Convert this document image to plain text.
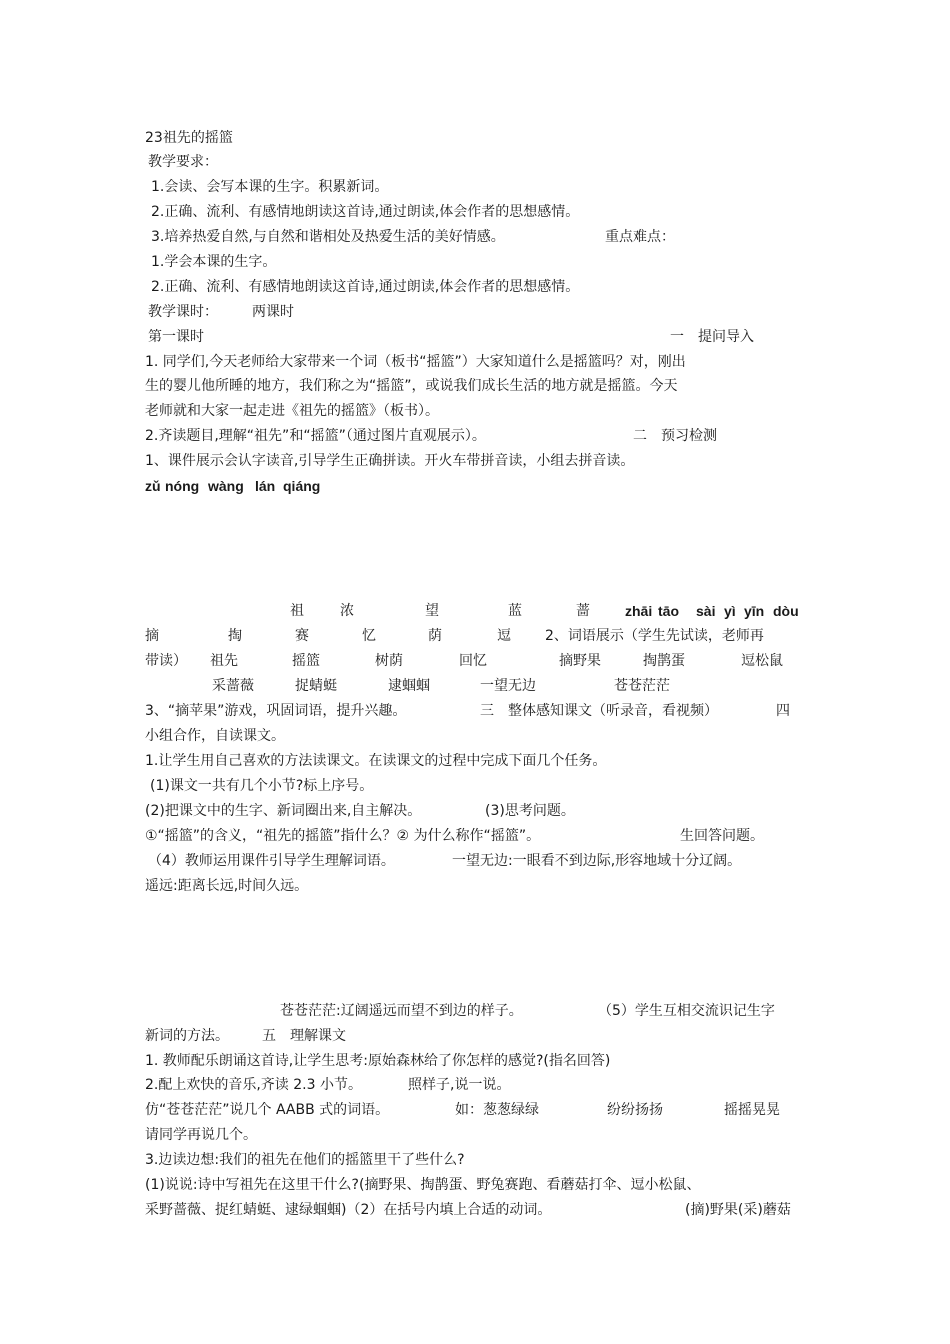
23祖先的摇篮
教学要求：
1.会读、会写本课的生字。积累新词。
2.正确、流利、有感情地朗读这首诗,通过朗读,体会作者的思想感情。
3.培养热爱自然,与自然和谐相处及热爱生活的美好情感。	重点难点：
1.学会本课的生字。
2.正确、流利、有感情地朗读这首诗,通过朗读,体会作者的思想感情。
教学课时： 两课时
第一课时	一　提问导入
1. 同学们,今天老师给大家带来一个词（板书“摇篮”）大家知道什么是摇篮吗？对，刚出
生的婴儿他所睡的地方，我们称之为“摇篮”，或说我们成长生活的地方就是摇篮。今天
老师就和大家一起走进《祖先的摇篮》（板书）。
2.齐读题目,理解“祖先”和“摇篮”（通过图片直观展示）。	二　预习检测
1、课件展示会认字读音,引导学生正确拼读。开火车带拼音读，小组去拼音读。
zǔ nóng wàng lán qiáng
祖	浓	望	蓝	蔷	zhāi tāo sài yì yīn dòu
摘	掏	赛	忆	荫	逗 2、词语展示（学生先试读，老师再
带读） 祖先	摇篮	树荫	回忆	摘野果	掏鹊蛋	逗松鼠
采蔷薇	捉蜻蜓	逮蝈蝈	一望无边	苍苍茫茫
3、“摘苹果”游戏，巩固词语，提升兴趣。	三　整体感知课文（听录音，看视频）	四
小组合作，自读课文。
1.让学生用自己喜欢的方法读课文。在读课文的过程中完成下面几个任务。
(1)课文一共有几个小节?标上序号。
(2)把课文中的生字、新词圈出来,自主解决。	(3)思考问题。
①“摇篮”的含义，“祖先的摇篮”指什么？② 为什么称作“摇篮”。	生回答问题。
（4）教师运用课件引导学生理解词语。	一望无边:一眼看不到边际,形容地域十分辽阔。
遥远:距离长远,时间久远。
苍苍茫茫:辽阔遥远而望不到边的样子。	（5）学生互相交流识记生字
新词的方法。 五　理解课文
1. 教师配乐朗诵这首诗,让学生思考:原始森林给了你怎样的感觉?(指名回答)
2.配上欢快的音乐,齐读 2.3 小节。	照样子,说一说。
仿“苍苍茫茫”说几个 AABB 式的词语。	如：葱葱绿绿	纷纷扬扬	摇摇晃晃
请同学再说几个。
3.边读边想:我们的祖先在他们的摇篮里干了些什么?
(1)说说:诗中写祖先在这里干什么?(摘野果、掏鹊蛋、野兔赛跑、看蘑菇打伞、逗小松鼠、
采野蔷薇、捉红蜻蜓、逮绿蝈蝈)（2）在括号内填上合适的动词。	(摘)野果(采)蘑菇
